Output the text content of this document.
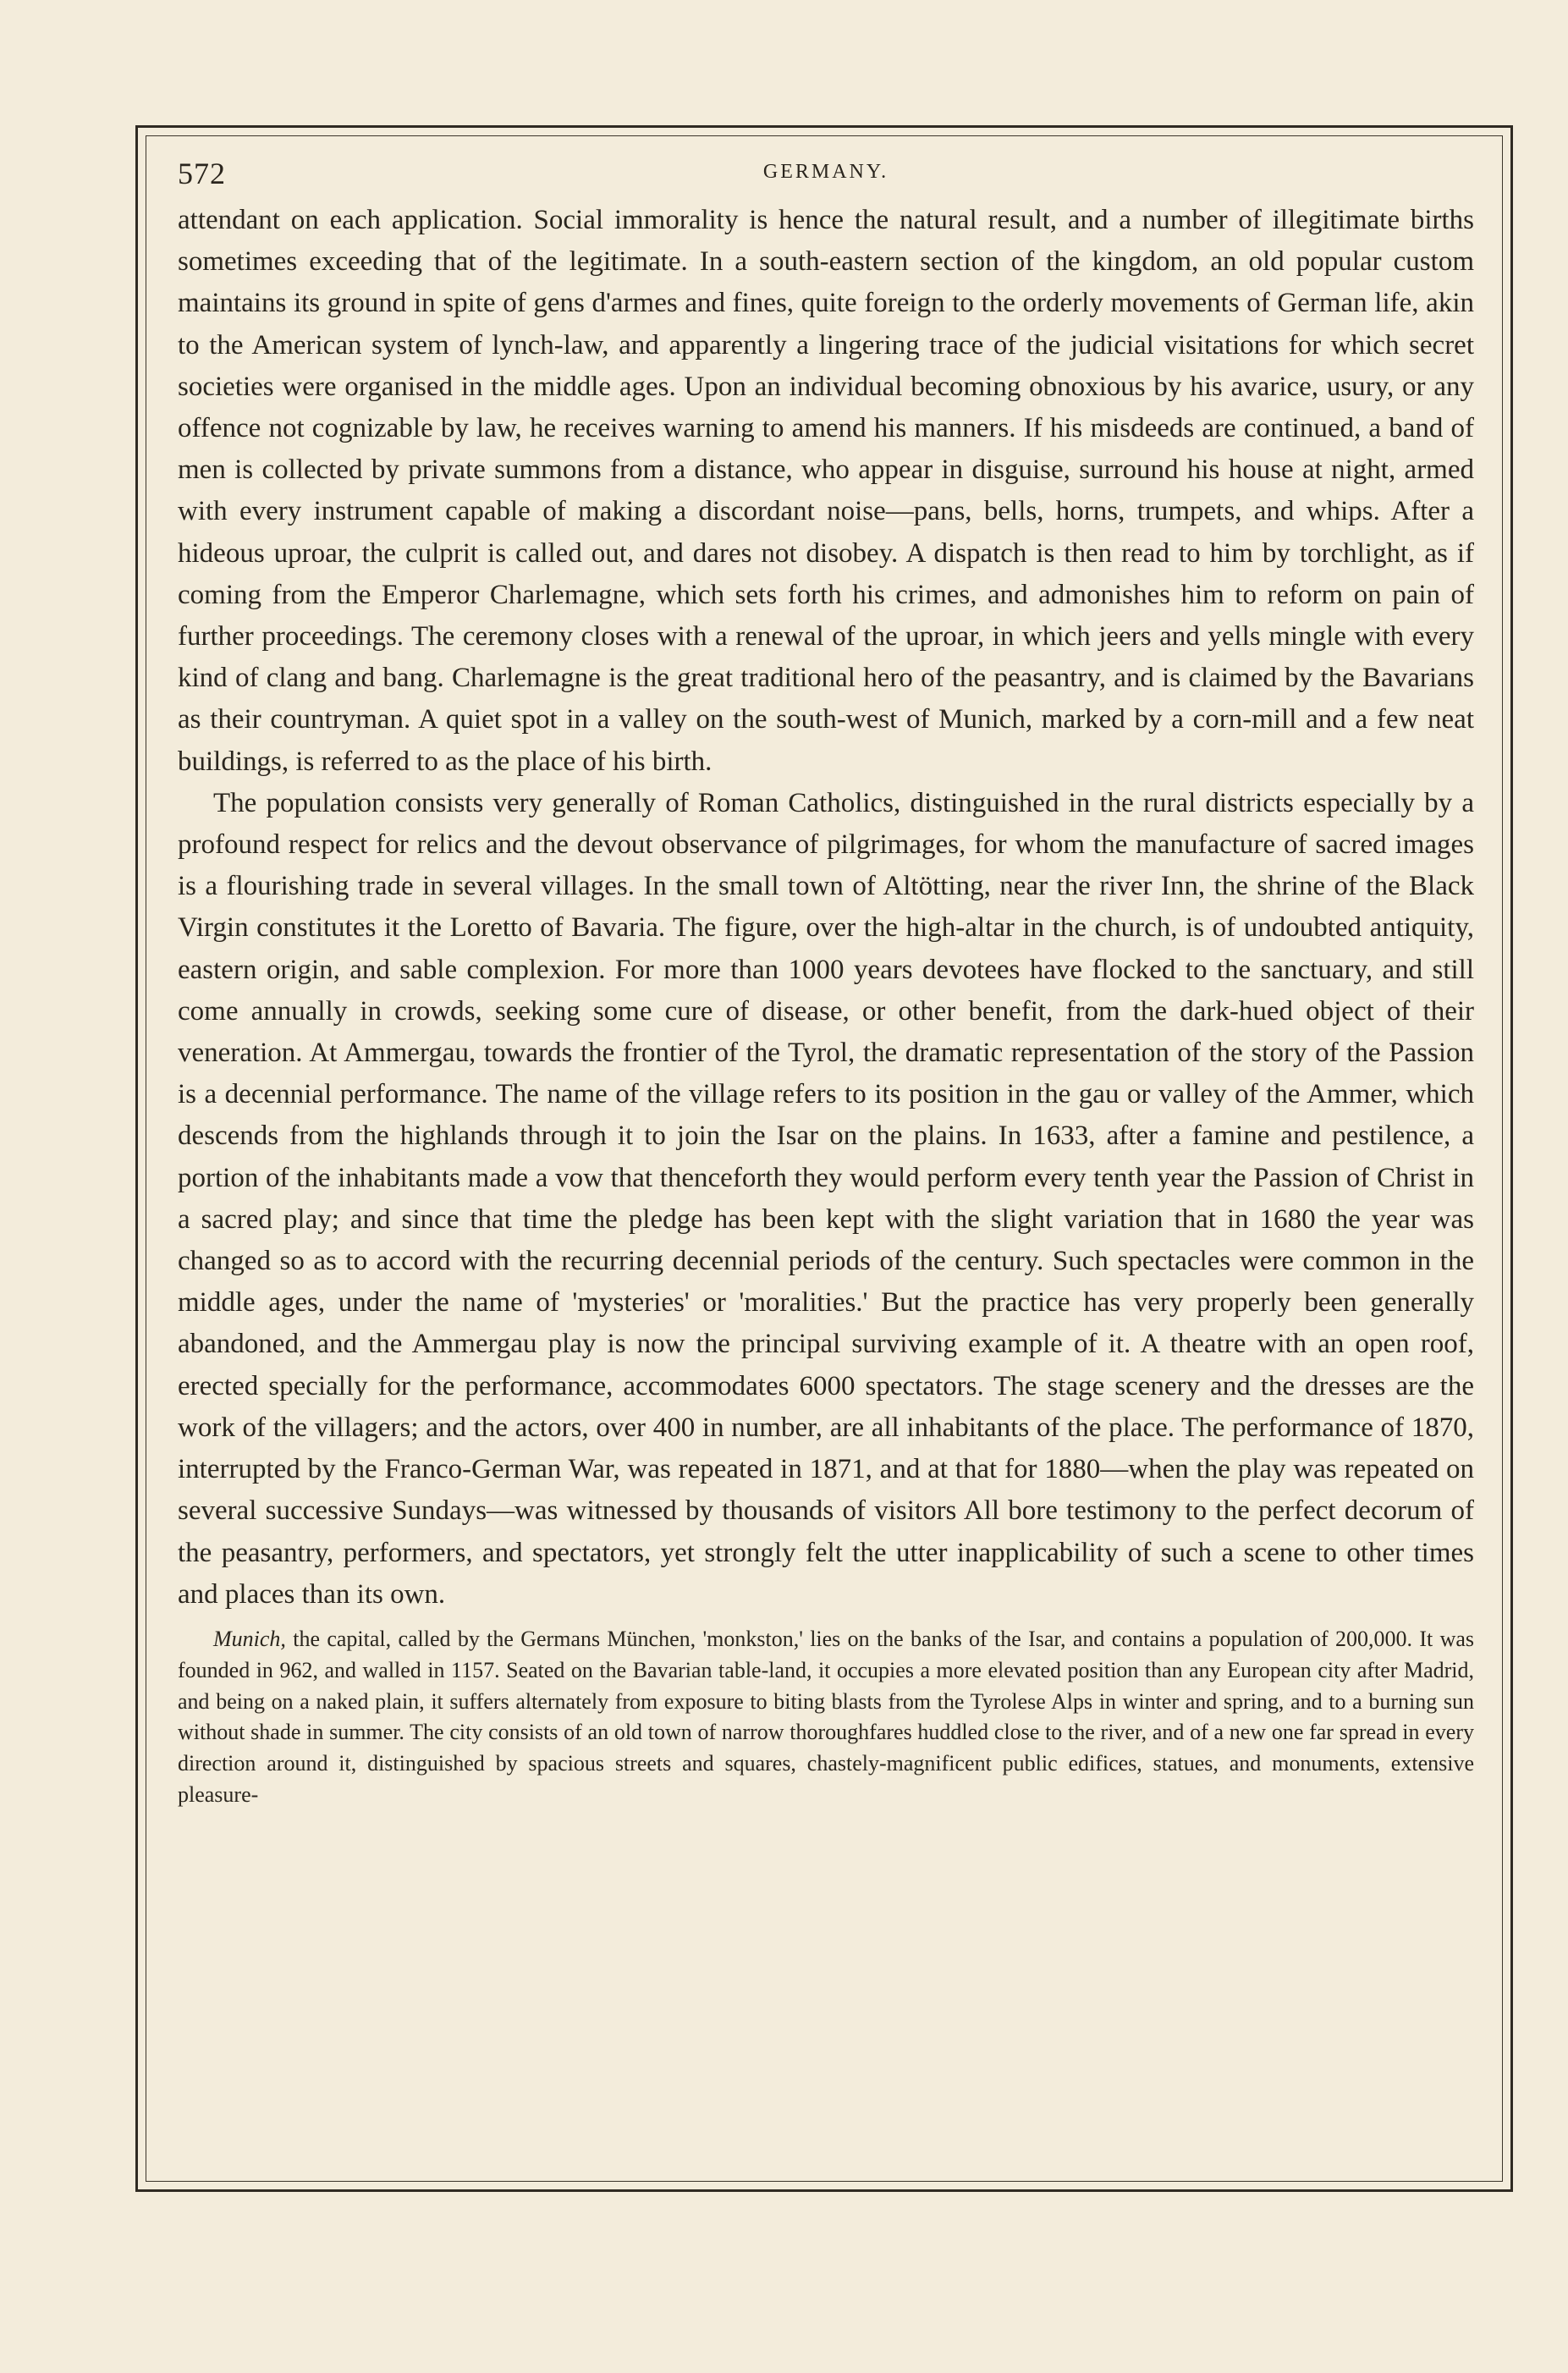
572	GERMANY.

attendant on each application. Social immorality is hence the natural result, and a number of illegitimate births sometimes exceeding that of the legitimate. In a south-eastern section of the kingdom, an old popular custom maintains its ground in spite of gens d'armes and fines, quite foreign to the orderly movements of German life, akin to the American system of lynch-law, and apparently a lingering trace of the judicial visitations for which secret societies were organised in the middle ages. Upon an individual becoming obnoxious by his avarice, usury, or any offence not cognizable by law, he receives warning to amend his manners. If his misdeeds are continued, a band of men is collected by private summons from a distance, who appear in disguise, surround his house at night, armed with every instrument capable of making a discordant noise—pans, bells, horns, trumpets, and whips. After a hideous uproar, the culprit is called out, and dares not disobey. A dispatch is then read to him by torchlight, as if coming from the Emperor Charlemagne, which sets forth his crimes, and admonishes him to reform on pain of further proceedings. The ceremony closes with a renewal of the uproar, in which jeers and yells mingle with every kind of clang and bang. Charlemagne is the great traditional hero of the peasantry, and is claimed by the Bavarians as their countryman. A quiet spot in a valley on the south-west of Munich, marked by a corn-mill and a few neat buildings, is referred to as the place of his birth.

The population consists very generally of Roman Catholics, distinguished in the rural districts especially by a profound respect for relics and the devout observance of pilgrimages, for whom the manufacture of sacred images is a flourishing trade in several villages. In the small town of Altötting, near the river Inn, the shrine of the Black Virgin constitutes it the Loretto of Bavaria. The figure, over the high-altar in the church, is of undoubted antiquity, eastern origin, and sable complexion. For more than 1000 years devotees have flocked to the sanctuary, and still come annually in crowds, seeking some cure of disease, or other benefit, from the dark-hued object of their veneration. At Ammergau, towards the frontier of the Tyrol, the dramatic representation of the story of the Passion is a decennial performance. The name of the village refers to its position in the gau or valley of the Ammer, which descends from the highlands through it to join the Isar on the plains. In 1633, after a famine and pestilence, a portion of the inhabitants made a vow that thenceforth they would perform every tenth year the Passion of Christ in a sacred play; and since that time the pledge has been kept with the slight variation that in 1680 the year was changed so as to accord with the recurring decennial periods of the century. Such spectacles were common in the middle ages, under the name of 'mysteries' or 'moralities.' But the practice has very properly been generally abandoned, and the Ammergau play is now the principal surviving example of it. A theatre with an open roof, erected specially for the performance, accommodates 6000 spectators. The stage scenery and the dresses are the work of the villagers; and the actors, over 400 in number, are all inhabitants of the place. The performance of 1870, interrupted by the Franco-German War, was repeated in 1871, and at that for 1880—when the play was repeated on several successive Sundays—was witnessed by thousands of visitors All bore testimony to the perfect decorum of the peasantry, performers, and spectators, yet strongly felt the utter inapplicability of such a scene to other times and places than its own.

Munich, the capital, called by the Germans München, 'monkston,' lies on the banks of the Isar, and contains a population of 200,000. It was founded in 962, and walled in 1157. Seated on the Bavarian table-land, it occupies a more elevated position than any European city after Madrid, and being on a naked plain, it suffers alternately from exposure to biting blasts from the Tyrolese Alps in winter and spring, and to a burning sun without shade in summer. The city consists of an old town of narrow thoroughfares huddled close to the river, and of a new one far spread in every direction around it, distinguished by spacious streets and squares, chastely-magnificent public edifices, statues, and monuments, extensive pleasure-
